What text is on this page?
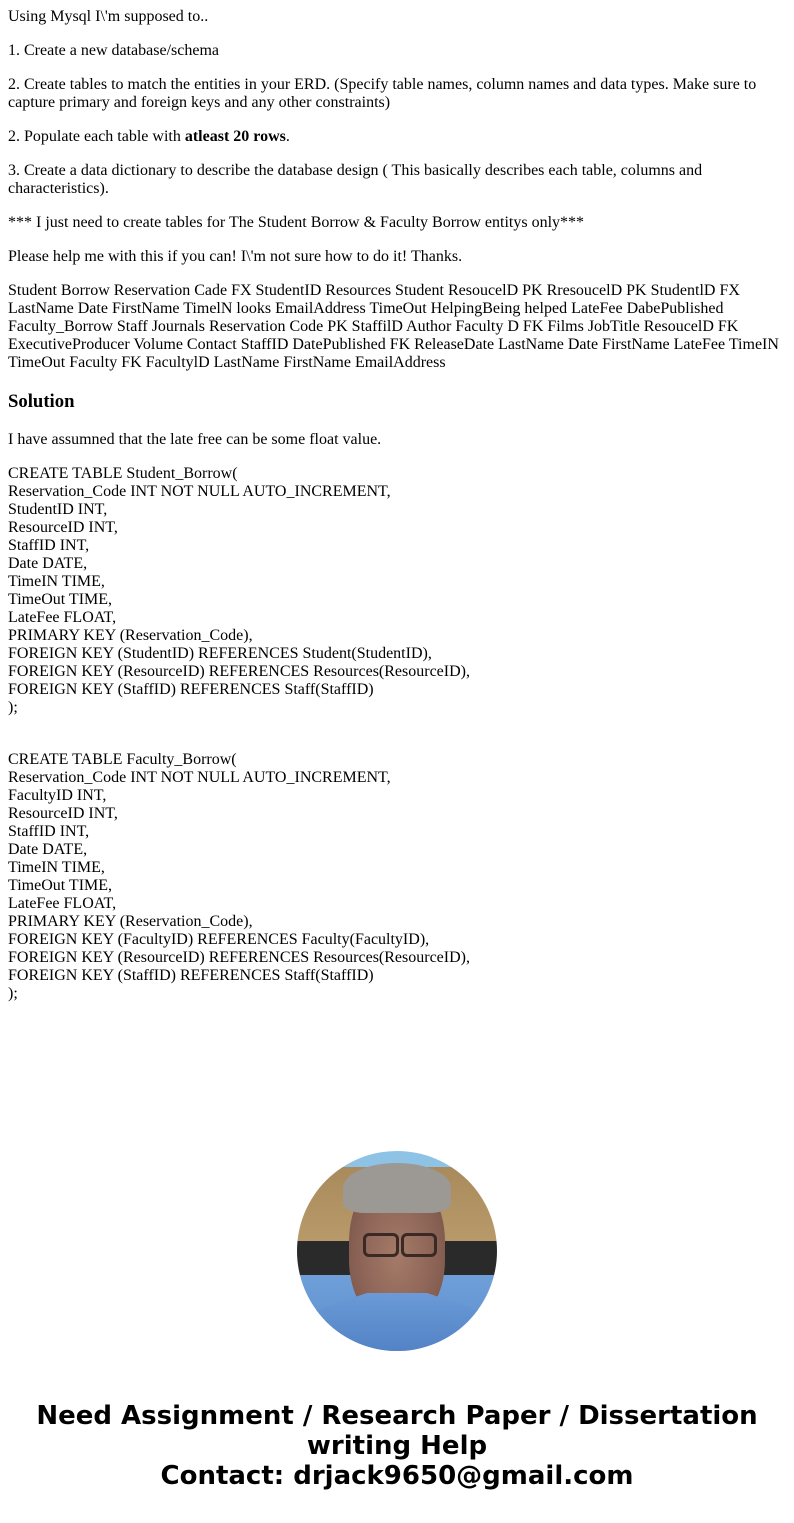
Using Mysql I\'m supposed to..

1. Create a new database/schema

2. Create tables to match the entities in your ERD. (Specify table names, column names and data types. Make sure to capture primary and foreign keys and any other constraints)

2. Populate each table with atleast 20 rows.

3. Create a data dictionary to describe the database design ( This basically describes each table, columns and characteristics).

*** I just need to create tables for The Student Borrow & Faculty Borrow entitys only***

Please help me with this if you can! I\'m not sure how to do it! Thanks.

Student Borrow Reservation Cade FX StudentID Resources Student ResoucelD PK RresoucelD PK StudentlD FX LastName Date FirstName TimelN looks EmailAddress TimeOut HelpingBeing helped LateFee DabePublished Faculty_Borrow Staff Journals Reservation Code PK StaffilD Author Faculty D FK Films JobTitle ResoucelD FK ExecutiveProducer Volume Contact StaffID DatePublished FK ReleaseDate LastName Date FirstName LateFee TimeIN TimeOut Faculty FK FacultylD LastName FirstName EmailAddress

Solution

I have assumned that the late free can be some float value.

CREATE TABLE Student_Borrow(
Reservation_Code INT NOT NULL AUTO_INCREMENT,
StudentID INT,
ResourceID INT,
StaffID INT,
Date DATE,
TimeIN TIME,
TimeOut TIME,
LateFee FLOAT,
PRIMARY KEY (Reservation_Code),
FOREIGN KEY (StudentID) REFERENCES Student(StudentID),
FOREIGN KEY (ResourceID) REFERENCES Resources(ResourceID),
FOREIGN KEY (StaffID) REFERENCES Staff(StaffID)
);
CREATE TABLE Faculty_Borrow(
Reservation_Code INT NOT NULL AUTO_INCREMENT,
FacultyID INT,
ResourceID INT,
StaffID INT,
Date DATE,
TimeIN TIME,
TimeOut TIME,
LateFee FLOAT,
PRIMARY KEY (Reservation_Code),
FOREIGN KEY (FacultyID) REFERENCES Faculty(FacultyID),
FOREIGN KEY (ResourceID) REFERENCES Resources(ResourceID),
FOREIGN KEY (StaffID) REFERENCES Staff(StaffID)
);
Need Assignment / Research Paper / Dissertation writing Help
Contact: drjack9650@gmail.com
